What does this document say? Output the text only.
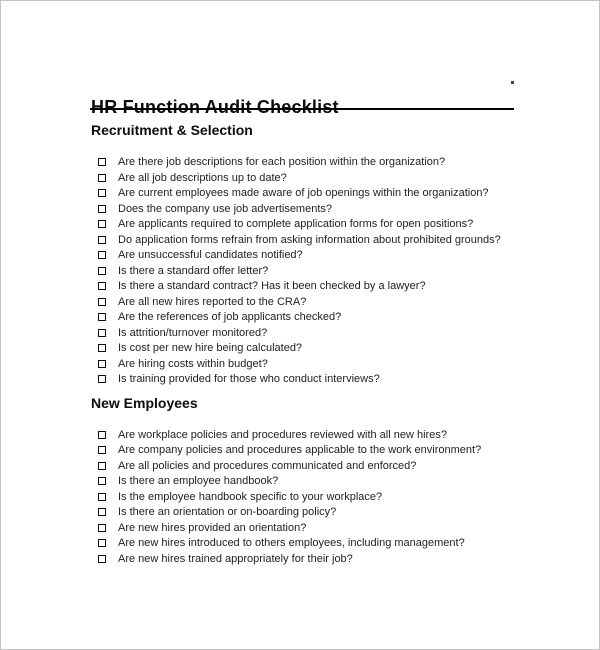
Recruitment & Selection
Are there job descriptions for each position within the organization?
Are all job descriptions up to date?
Are current employees made aware of job openings within the organization?
Does the company use job advertisements?
Are applicants required to complete application forms for open positions?
Do application forms refrain from asking information about prohibited grounds?
Are unsuccessful candidates notified?
Is there a standard offer letter?
Is there a standard contract? Has it been checked by a lawyer?
Are all new hires reported to the CRA?
Are the references of job applicants checked?
Is attrition/turnover monitored?
Is cost per new hire being calculated?
Are hiring costs within budget?
Is training provided for those who conduct interviews?
New Employees
Are workplace policies and procedures reviewed with all new hires?
Are company policies and procedures applicable to the work environment?
Are all policies and procedures communicated and enforced?
Is there an employee handbook?
Is the employee handbook specific to your workplace?
Is there an orientation or on-boarding policy?
Are new hires provided an orientation?
Are new hires introduced to others employees, including management?
Are new hires trained appropriately for their job?
